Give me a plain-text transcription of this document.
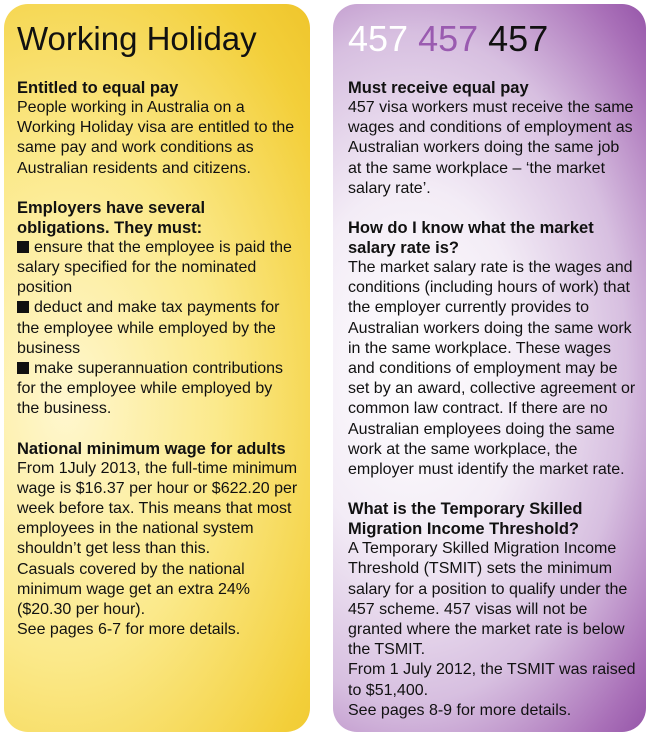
Working Holiday
Entitled to equal pay

People working in Australia on a Working Holiday visa are entitled to the same pay and work conditions as Australian residents and citizens.

Employers have several obligations. They must:

ensure that the employee is paid the salary specified for the nominated position

deduct and make tax payments for the employee while employed by the business

make superannuation contributions for the employee while employed by the business.

National minimum wage for adults

From 1July 2013, the full-time minimum wage is $16.37 per hour or $622.20 per week before tax. This means that most employees in the national system shouldn’t get less than this.

Casuals covered by the national minimum wage get an extra 24% ($20.30 per hour).

See pages 6-7 for more details.

457 457 457
Must receive equal pay

457 visa workers must receive the same wages and conditions of employment as Australian workers doing the same job at the same workplace – ‘the market salary rate’.

How do I know what the market salary rate is?

The market salary rate is the wages and conditions (including hours of work) that the employer currently provides to Australian workers doing the same work in the same workplace. These wages and conditions of employment may be set by an award, collective agreement or common law contract. If there are no Australian employees doing the same work at the same workplace, the employer must identify the market rate.

What is the Temporary Skilled Migration Income Threshold?

A Temporary Skilled Migration Income Threshold (TSMIT) sets the minimum salary for a position to qualify under the 457 scheme. 457 visas will not be granted where the market rate is below the TSMIT.

From 1 July 2012, the TSMIT was raised to $51,400.

See pages 8-9 for more details.
